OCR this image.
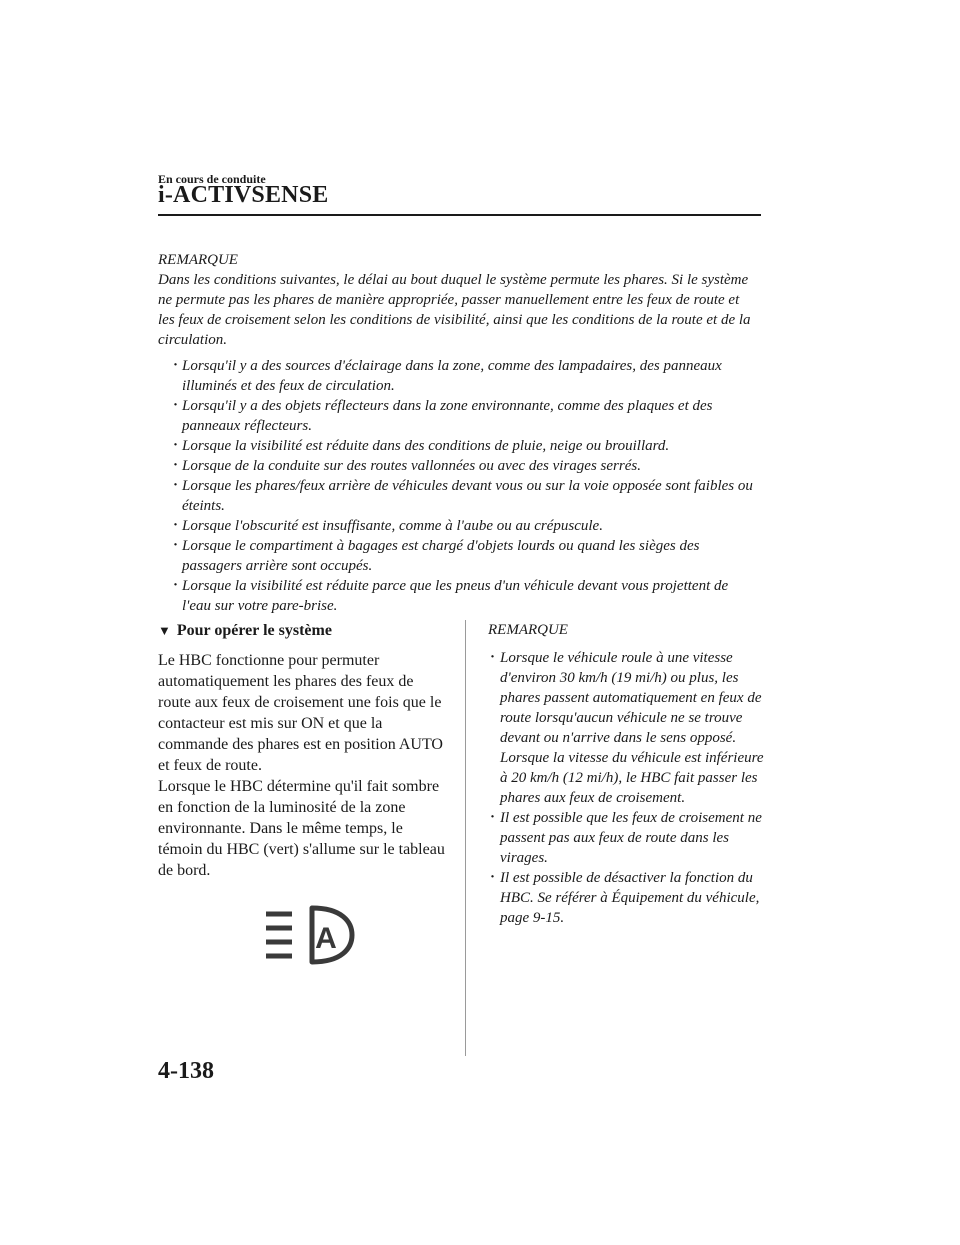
En cours de conduite
i-ACTIVSENSE

REMARQUE

Dans les conditions suivantes, le délai au bout duquel le système permute les phares. Si le système ne permute pas les phares de manière appropriée, passer manuellement entre les feux de route et les feux de croisement selon les conditions de visibilité, ainsi que les conditions de la route et de la circulation.

· Lorsqu'il y a des sources d'éclairage dans la zone, comme des lampadaires, des panneaux illuminés et des feux de circulation.
· Lorsqu'il y a des objets réflecteurs dans la zone environnante, comme des plaques et des panneaux réflecteurs.
· Lorsque la visibilité est réduite dans des conditions de pluie, neige ou brouillard.
· Lorsque de la conduite sur des routes vallonnées ou avec des virages serrés.
· Lorsque les phares/feux arrière de véhicules devant vous ou sur la voie opposée sont faibles ou éteints.
· Lorsque l'obscurité est insuffisante, comme à l'aube ou au crépuscule.
· Lorsque le compartiment à bagages est chargé d'objets lourds ou quand les sièges des passagers arrière sont occupés.
· Lorsque la visibilité est réduite parce que les pneus d'un véhicule devant vous projettent de l'eau sur votre pare-brise.

▼ Pour opérer le système

Le HBC fonctionne pour permuter automatiquement les phares des feux de route aux feux de croisement une fois que le contacteur est mis sur ON et que la commande des phares est en position AUTO et feux de route.

Lorsque le HBC détermine qu'il fait sombre en fonction de la luminosité de la zone environnante. Dans le même temps, le témoin du HBC (vert) s'allume sur le tableau de bord.

A
REMARQUE
· Lorsque le véhicule roule à une vitesse d'environ 30 km/h (19 mi/h) ou plus, les phares passent automatiquement en feux de route lorsqu'aucun véhicule ne se trouve devant ou n'arrive dans le sens opposé.
Lorsque la vitesse du véhicule est inférieure à 20 km/h (12 mi/h), le HBC fait passer les phares aux feux de croisement.
· Il est possible que les feux de croisement ne passent pas aux feux de route dans les virages.
· Il est possible de désactiver la fonction du HBC. Se référer à Équipement du véhicule, page 9-15.
4-138
